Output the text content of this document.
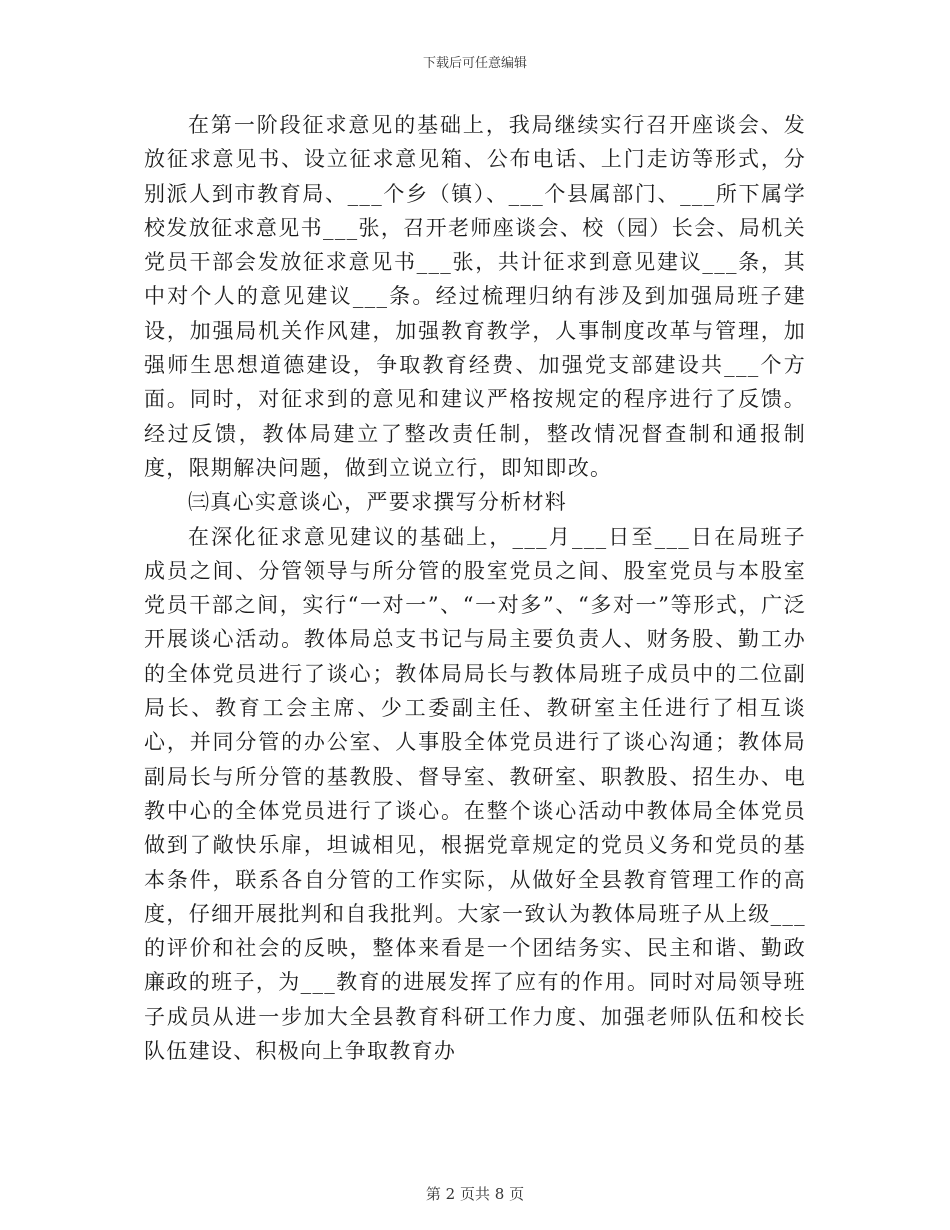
下载后可任意编辑

在第一阶段征求意见的基础上，我局继续实行召开座谈会、发放征求意见书、设立征求意见箱、公布电话、上门走访等形式，分别派人到市教育局、___个乡（镇）、___个县属部门、___所下属学校发放征求意见书___张，召开老师座谈会、校（园）长会、局机关党员干部会发放征求意见书___张，共计征求到意见建议___条，其中对个人的意见建议___条。经过梳理归纳有涉及到加强局班子建设，加强局机关作风建，加强教育教学，人事制度改革与管理，加强师生思想道德建设，争取教育经费、加强党支部建设共___个方面。同时，对征求到的意见和建议严格按规定的程序进行了反馈。经过反馈，教体局建立了整改责任制，整改情况督查制和通报制度，限期解决问题，做到立说立行，即知即改。

㈢真心实意谈心，严要求撰写分析材料

在深化征求意见建议的基础上，___月___日至___日在局班子成员之间、分管领导与所分管的股室党员之间、股室党员与本股室党员干部之间，实行“一对一”、“一对多”、“多对一”等形式，广泛开展谈心活动。教体局总支书记与局主要负责人、财务股、勤工办的全体党员进行了谈心；教体局局长与教体局班子成员中的二位副局长、教育工会主席、少工委副主任、教研室主任进行了相互谈心，并同分管的办公室、人事股全体党员进行了谈心沟通；教体局副局长与所分管的基教股、督导室、教研室、职教股、招生办、电教中心的全体党员进行了谈心。在整个谈心活动中教体局全体党员做到了敞快乐扉，坦诚相见，根据党章规定的党员义务和党员的基本条件，联系各自分管的工作实际，从做好全县教育管理工作的高度，仔细开展批判和自我批判。大家一致认为教体局班子从上级___的评价和社会的反映，整体来看是一个团结务实、民主和谐、勤政廉政的班子，为___教育的进展发挥了应有的作用。同时对局领导班子成员从进一步加大全县教育科研工作力度、加强老师队伍和校长队伍建设、积极向上争取教育办

第 2 页共 8 页
